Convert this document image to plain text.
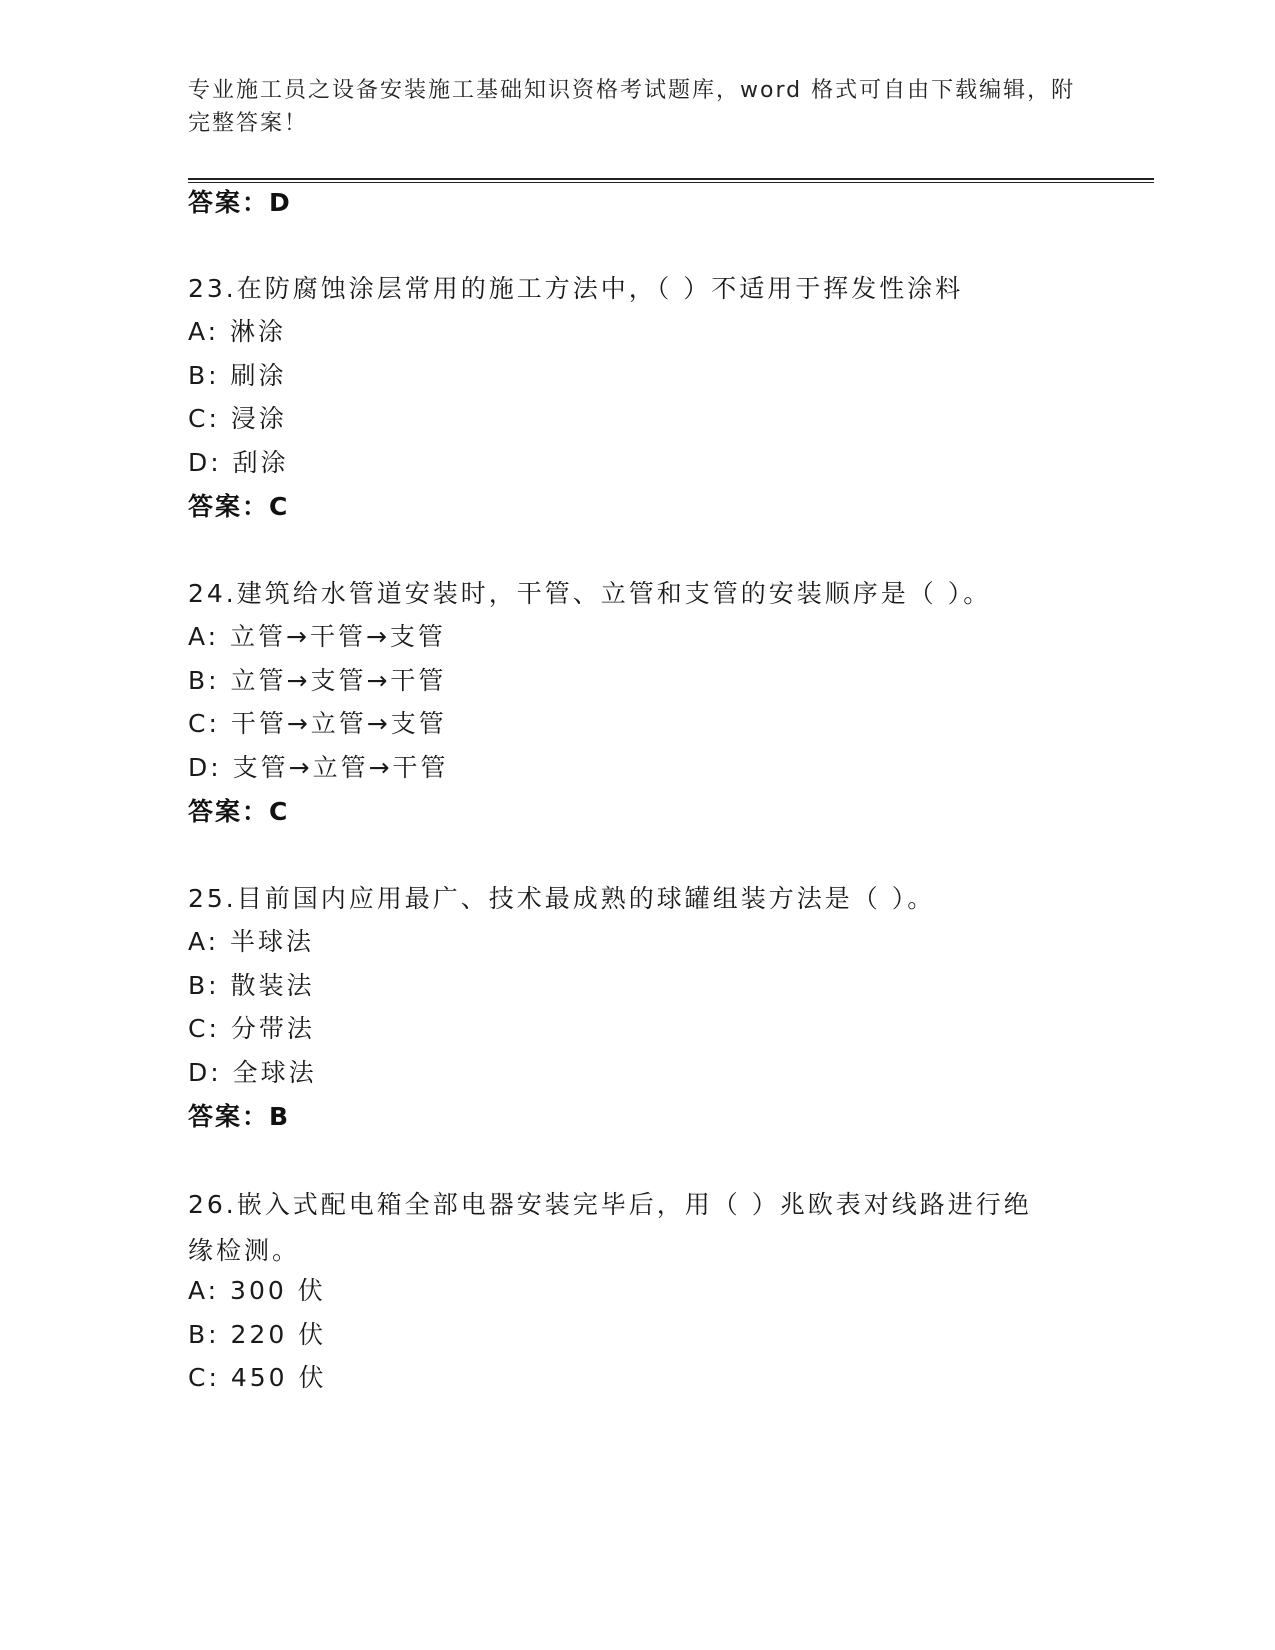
专业施工员之设备安装施工基础知识资格考试题库，word 格式可自由下载编辑，附完整答案！
答案：D
23.在防腐蚀涂层常用的施工方法中，（ ）不适用于挥发性涂料
A: 淋涂
B: 刷涂
C: 浸涂
D: 刮涂
答案：C
24.建筑给水管道安装时，干管、立管和支管的安装顺序是（ ）。
A: 立管→干管→支管
B: 立管→支管→干管
C: 干管→立管→支管
D: 支管→立管→干管
答案：C
25.目前国内应用最广、技术最成熟的球罐组装方法是（ ）。
A: 半球法
B: 散装法
C: 分带法
D: 全球法
答案：B
26.嵌入式配电箱全部电器安装完毕后，用（ ）兆欧表对线路进行绝缘检测。
A: 300 伏
B: 220 伏
C: 450 伏
